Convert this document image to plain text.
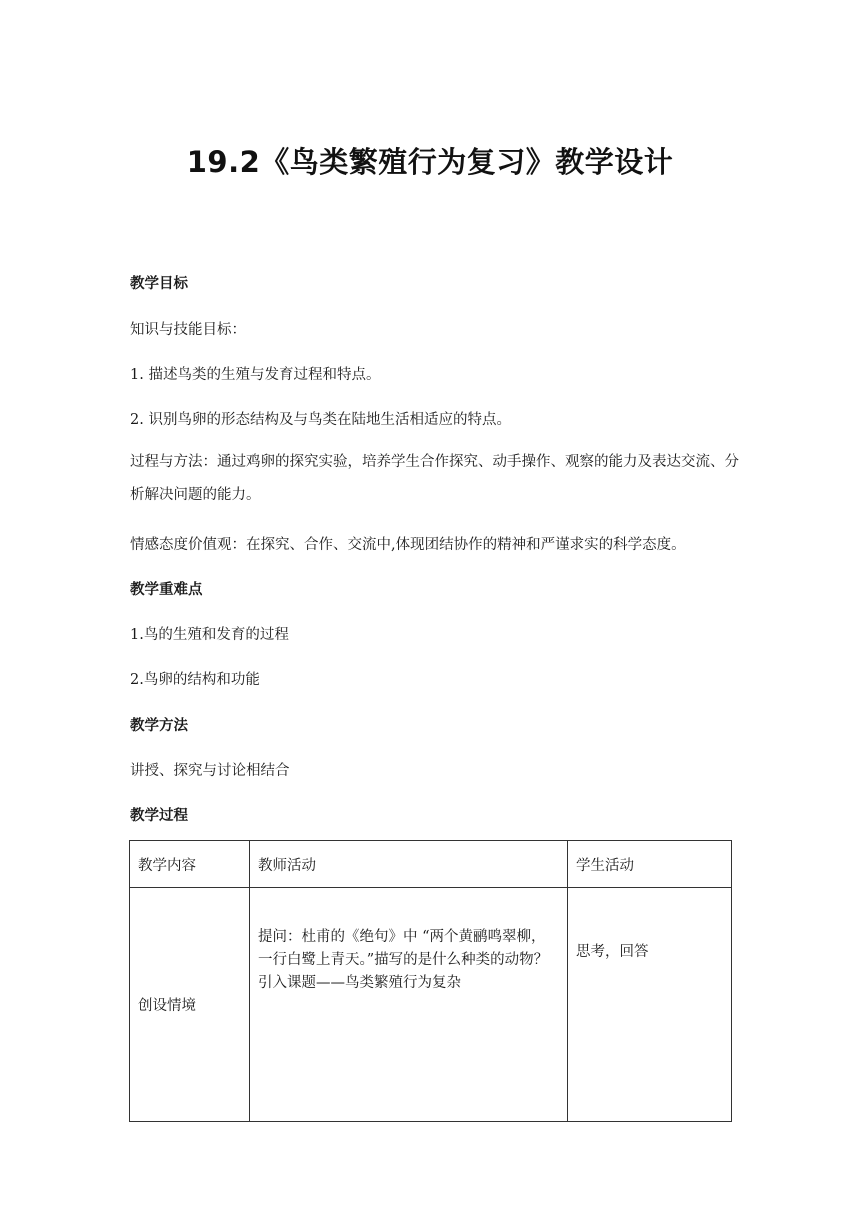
19.2《鸟类繁殖行为复习》教学设计
教学目标
知识与技能目标：
1. 描述鸟类的生殖与发育过程和特点。
2. 识别鸟卵的形态结构及与鸟类在陆地生活相适应的特点。
过程与方法：通过鸡卵的探究实验，培养学生合作探究、动手操作、观察的能力及表达交流、分析解决问题的能力。
情感态度价值观：在探究、合作、交流中,体现团结协作的精神和严谨求实的科学态度。
教学重难点
1.鸟的生殖和发育的过程
2.鸟卵的结构和功能
教学方法
讲授、探究与讨论相结合
教学过程
教学内容	教师活动	学生活动
创设情境	提问：杜甫的《绝句》中 “两个黄鹂鸣翠柳，一行白鹭上青天。”描写的是什么种类的动物？引入课题——鸟类繁殖行为复杂	思考，回答
